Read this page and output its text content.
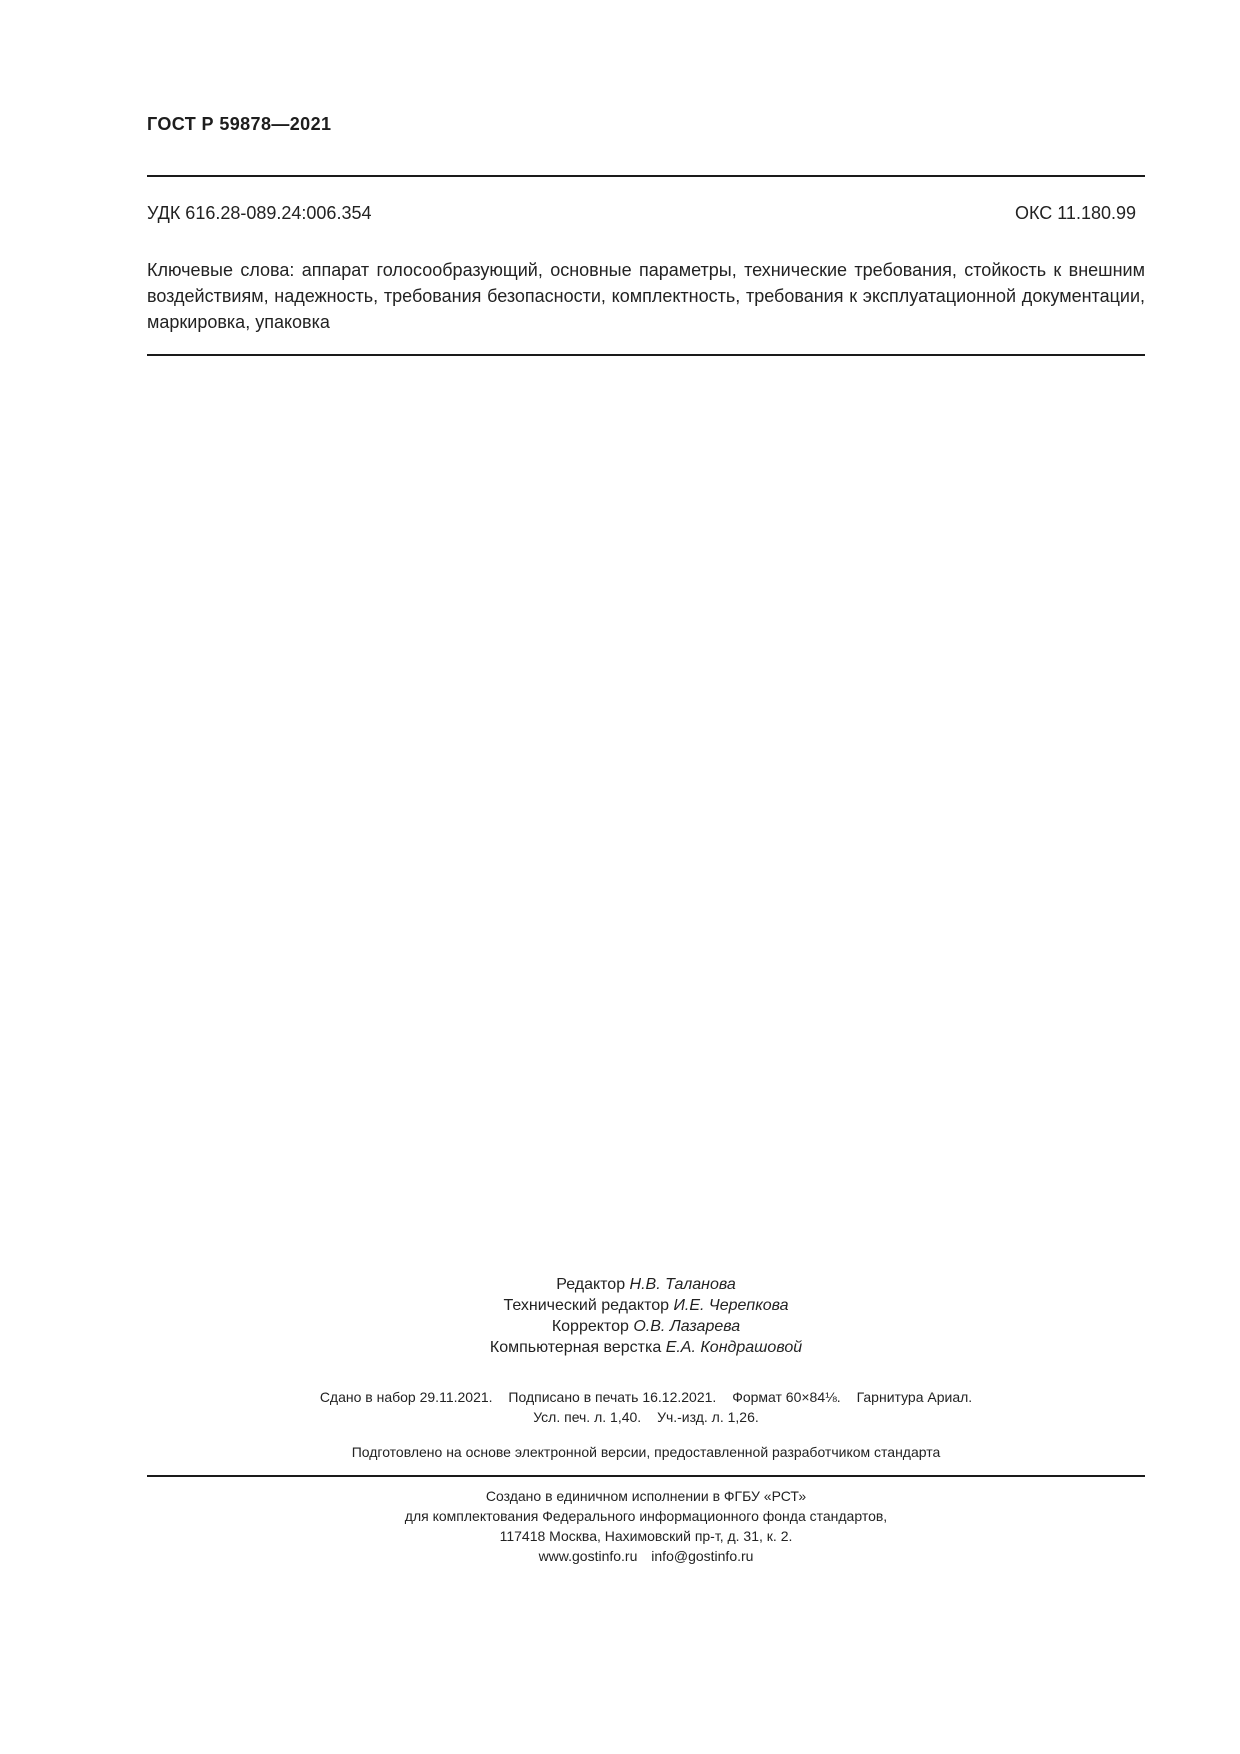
ГОСТ Р 59878—2021
УДК 616.28-089.24:006.354	ОКС 11.180.99

Ключевые слова: аппарат голосообразующий, основные параметры, технические требования, стойкость к внешним воздействиям, надежность, требования безопасности, комплектность, требования к эксплуатационной документации, маркировка, упаковка

Редактор Н.В. Таланова
Технический редактор И.Е. Черепкова
Корректор О.В. Лазарева
Компьютерная верстка Е.А. Кондрашовой
Сдано в набор 29.11.2021. Подписано в печать 16.12.2021. Формат 60×84⅛. Гарнитура Ариал.
Усл. печ. л. 1,40. Уч.-изд. л. 1,26.
Подготовлено на основе электронной версии, предоставленной разработчиком стандарта
Создано в единичном исполнении в ФГБУ «РСТ»
для комплектования Федерального информационного фонда стандартов,
117418 Москва, Нахимовский пр-т, д. 31, к. 2.
www.gostinfo.ru info@gostinfo.ru
